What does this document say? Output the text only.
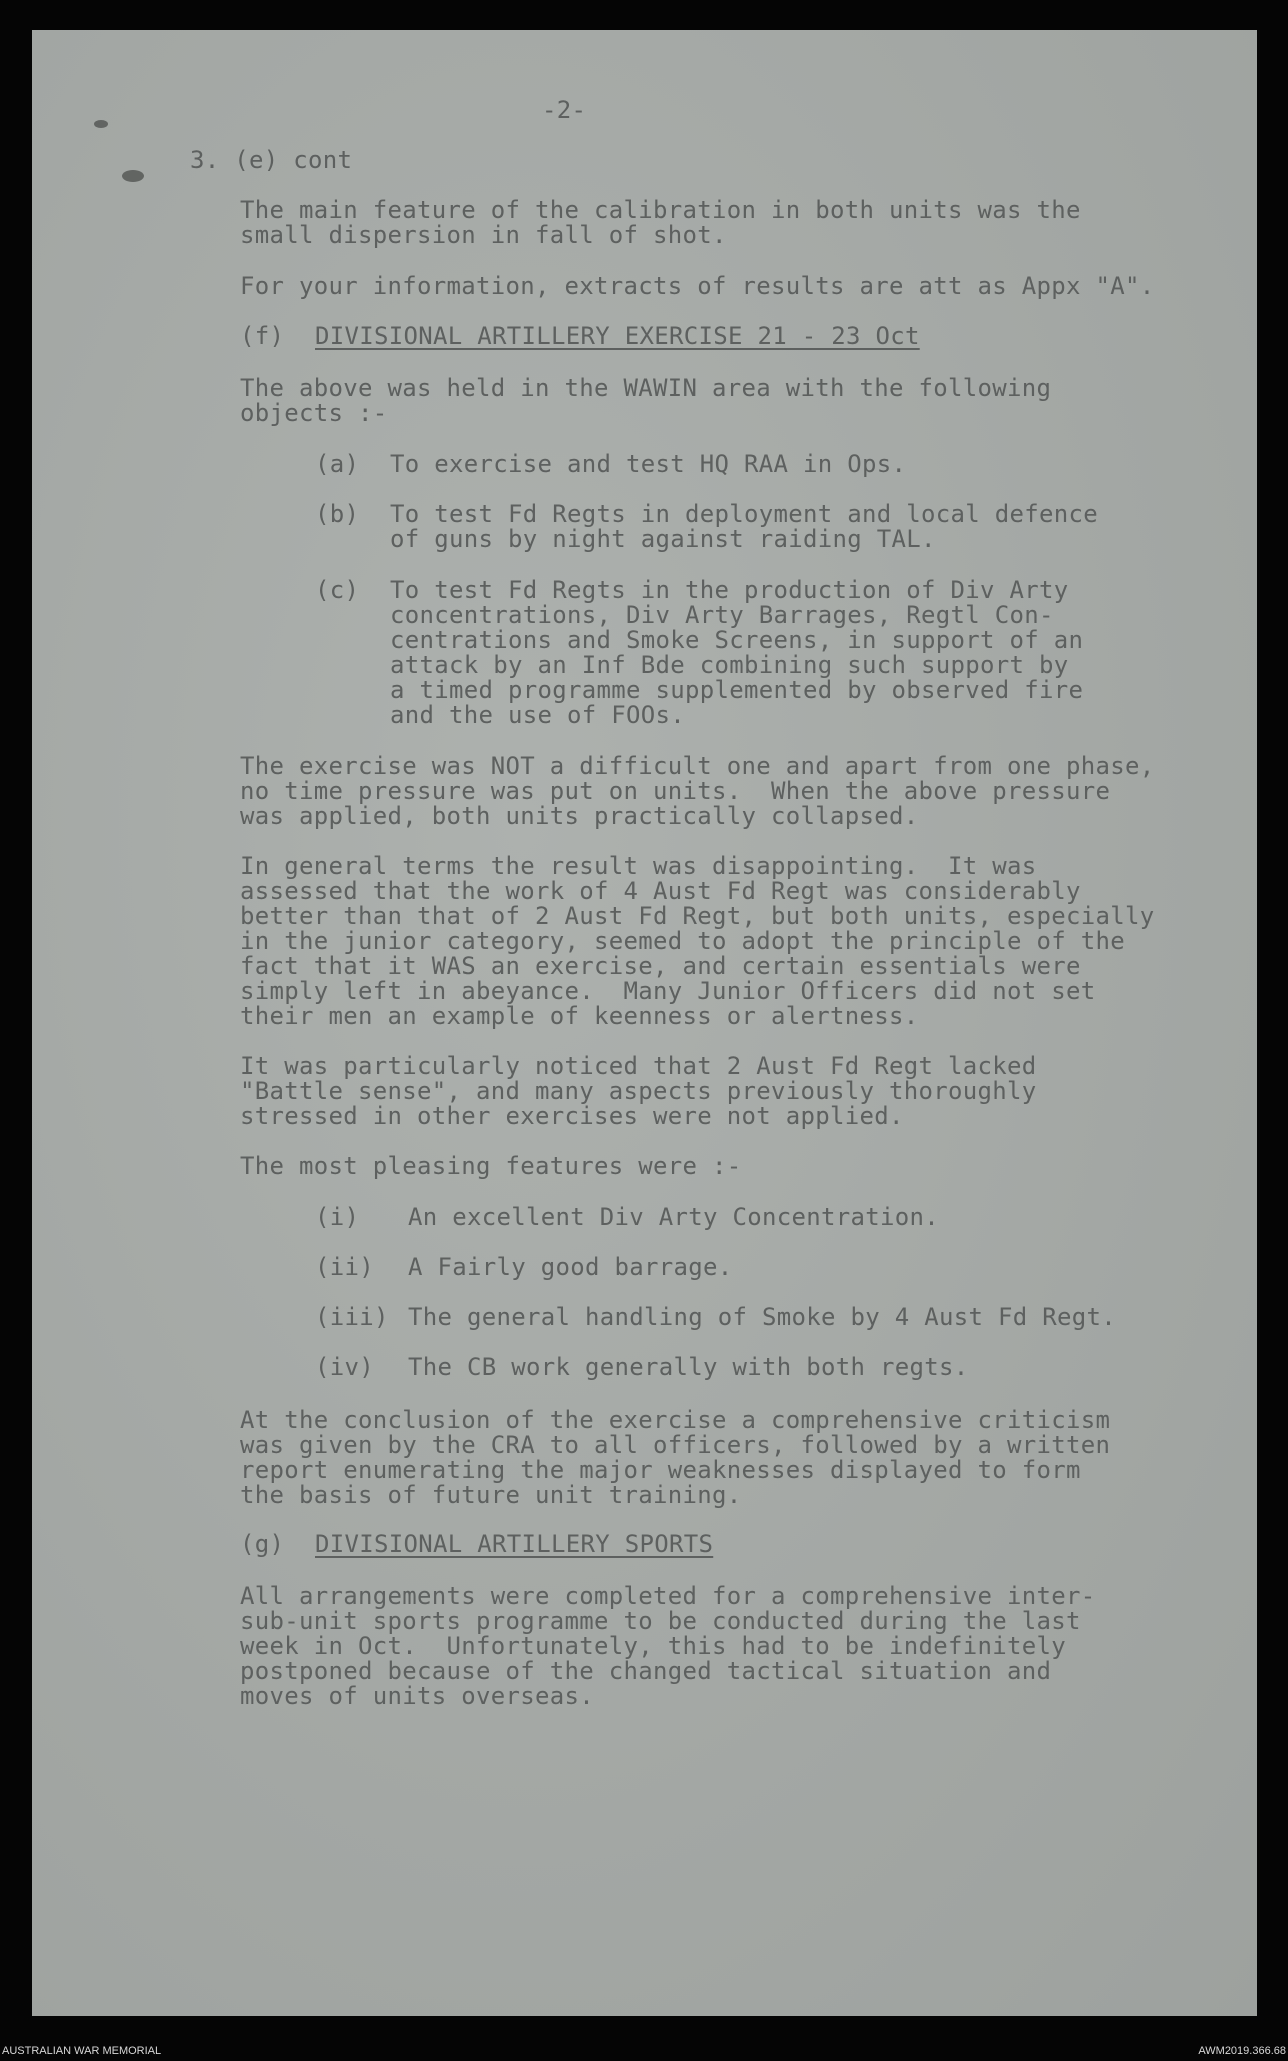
-2-

3. (e) cont

The main feature of the calibration in both units was the

small dispersion in fall of shot.

For your information, extracts of results are att as Appx "A".

(f) DIVISIONAL ARTILLERY EXERCISE 21 - 23 Oct

The above was held in the WAWIN area with the following

objects :-

(a) To exercise and test HQ RAA in Ops.

(b) To test Fd Regts in deployment and local defence

of guns by night against raiding TAL.

(c) To test Fd Regts in the production of Div Arty

concentrations, Div Arty Barrages, Regtl Con-

centrations and Smoke Screens, in support of an

attack by an Inf Bde combining such support by

a timed programme supplemented by observed fire

and the use of FOOs.

The exercise was NOT a difficult one and apart from one phase,

no time pressure was put on units.  When the above pressure

was applied, both units practically collapsed.

In general terms the result was disappointing.  It was

assessed that the work of 4 Aust Fd Regt was considerably

better than that of 2 Aust Fd Regt, but both units, especially

in the junior category, seemed to adopt the principle of the

fact that it WAS an exercise, and certain essentials were

simply left in abeyance.  Many Junior Officers did not set

their men an example of keenness or alertness.

It was particularly noticed that 2 Aust Fd Regt lacked

"Battle sense", and many aspects previously thoroughly

stressed in other exercises were not applied.

The most pleasing features were :-

(i) An excellent Div Arty Concentration.

(ii) A Fairly good barrage.

(iii) The general handling of Smoke by 4 Aust Fd Regt.

(iv) The CB work generally with both regts.

At the conclusion of the exercise a comprehensive criticism

was given by the CRA to all officers, followed by a written

report enumerating the major weaknesses displayed to form

the basis of future unit training.

(g) DIVISIONAL ARTILLERY SPORTS

All arrangements were completed for a comprehensive inter-

sub-unit sports programme to be conducted during the last

week in Oct.  Unfortunately, this had to be indefinitely

postponed because of the changed tactical situation and

moves of units overseas.

AUSTRALIAN WAR MEMORIAL	AWM2019.366.68
